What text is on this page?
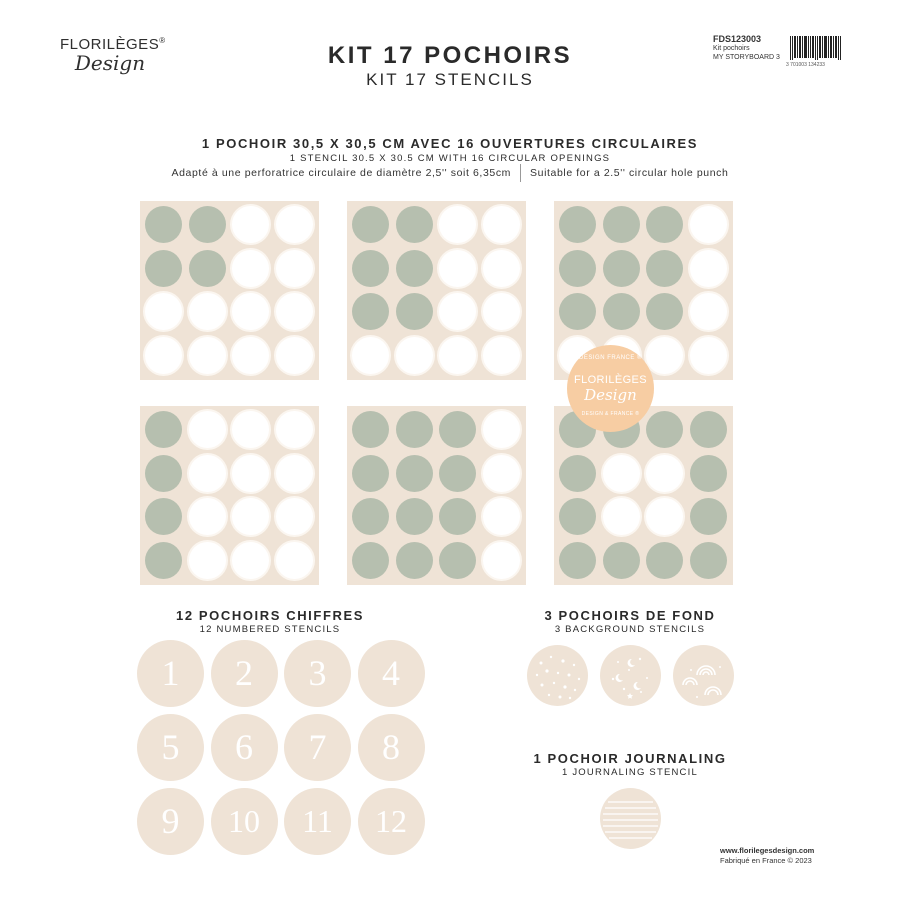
FLORILÈGES®
Design	KIT 17 POCHOIRS
KIT 17 STENCILS
FDS123003
Kit pochoirs
MY STORYBOARD 3
3 701003 134233
1 POCHOIR 30,5 X 30,5 CM AVEC 16 OUVERTURES CIRCULAIRES
1 STENCIL 30.5 X 30.5 CM WITH 16 CIRCULAR OPENINGS
Adapté à une perforatrice circulaire de diamètre 2,5'' soit 6,35cm Suitable for a 2.5'' circular hole punch
DESIGN FRANCE ®
FLORILÈGES
Design
DESIGN & FRANCE ®
12 POCHOIRS CHIFFRES
12 NUMBERED STENCILS
1	2	3	4
5	6	7	8
9	10	11	12
3 POCHOIRS DE FOND
3 BACKGROUND STENCILS
1 POCHOIR JOURNALING
1 JOURNALING STENCIL
www.florilegesdesign.com
Fabriqué en France © 2023
